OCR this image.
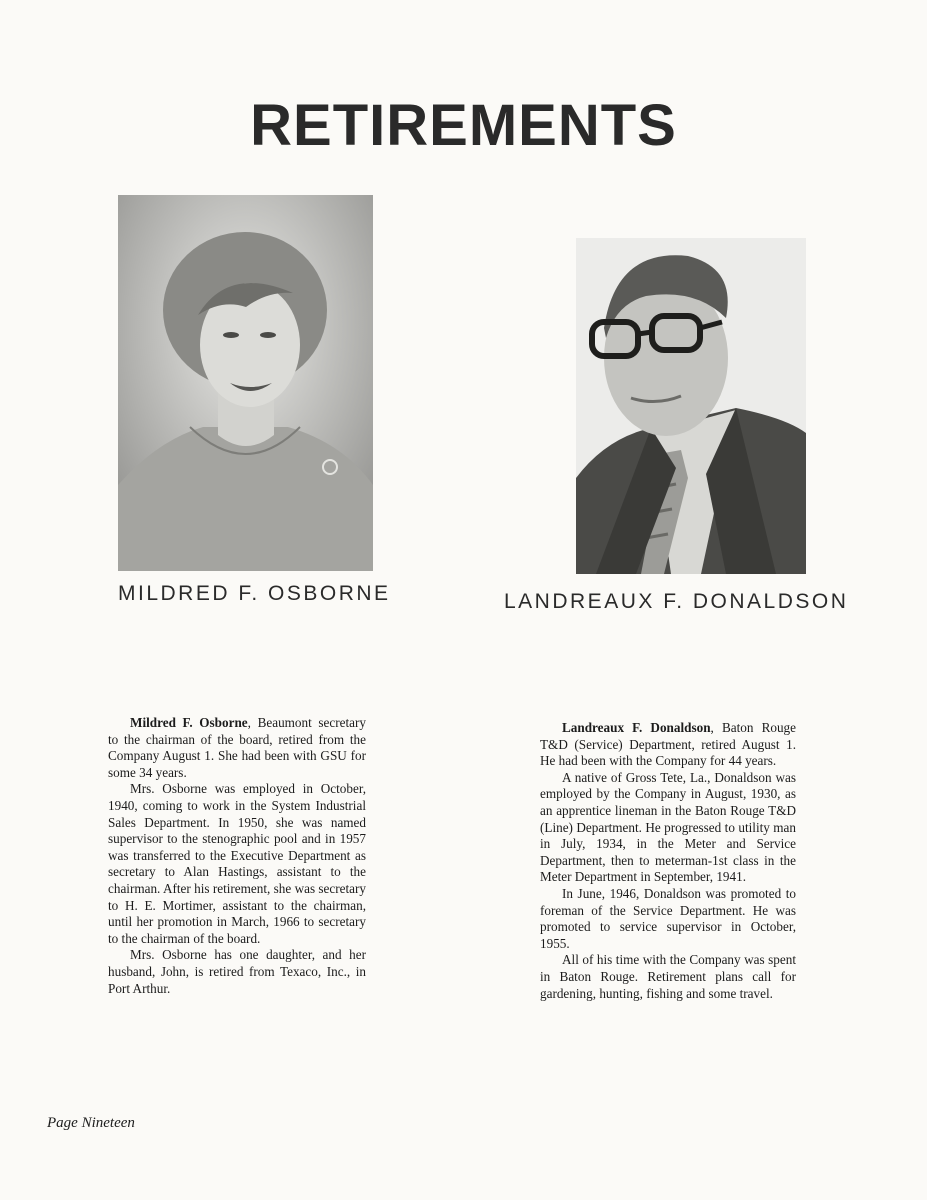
RETIREMENTS
MILDRED F. OSBORNE	LANDREAUX F. DONALDSON

Mildred F. Osborne, Beaumont secretary to the chairman of the board, retired from the Company August 1. She had been with GSU for some 34 years.

Mrs. Osborne was employed in October, 1940, coming to work in the System Industrial Sales Department. In 1950, she was named supervisor to the stenographic pool and in 1957 was transferred to the Executive Department as secretary to Alan Hastings, assistant to the chairman. After his retirement, she was secretary to H. E. Mortimer, assistant to the chairman, until her promotion in March, 1966 to secretary to the chairman of the board.

Mrs. Osborne has one daughter, and her husband, John, is retired from Texaco, Inc., in Port Arthur.

Landreaux F. Donaldson, Baton Rouge T&D (Service) Department, retired August 1. He had been with the Company for 44 years.

A native of Gross Tete, La., Donaldson was employed by the Company in August, 1930, as an apprentice lineman in the Baton Rouge T&D (Line) Department. He progressed to utility man in July, 1934, in the Meter and Service Department, then to meterman-1st class in the Meter Department in September, 1941.

In June, 1946, Donaldson was promoted to foreman of the Service Department. He was promoted to service supervisor in October, 1955.

All of his time with the Company was spent in Baton Rouge. Retirement plans call for gardening, hunting, fishing and some travel.

Page Nineteen
